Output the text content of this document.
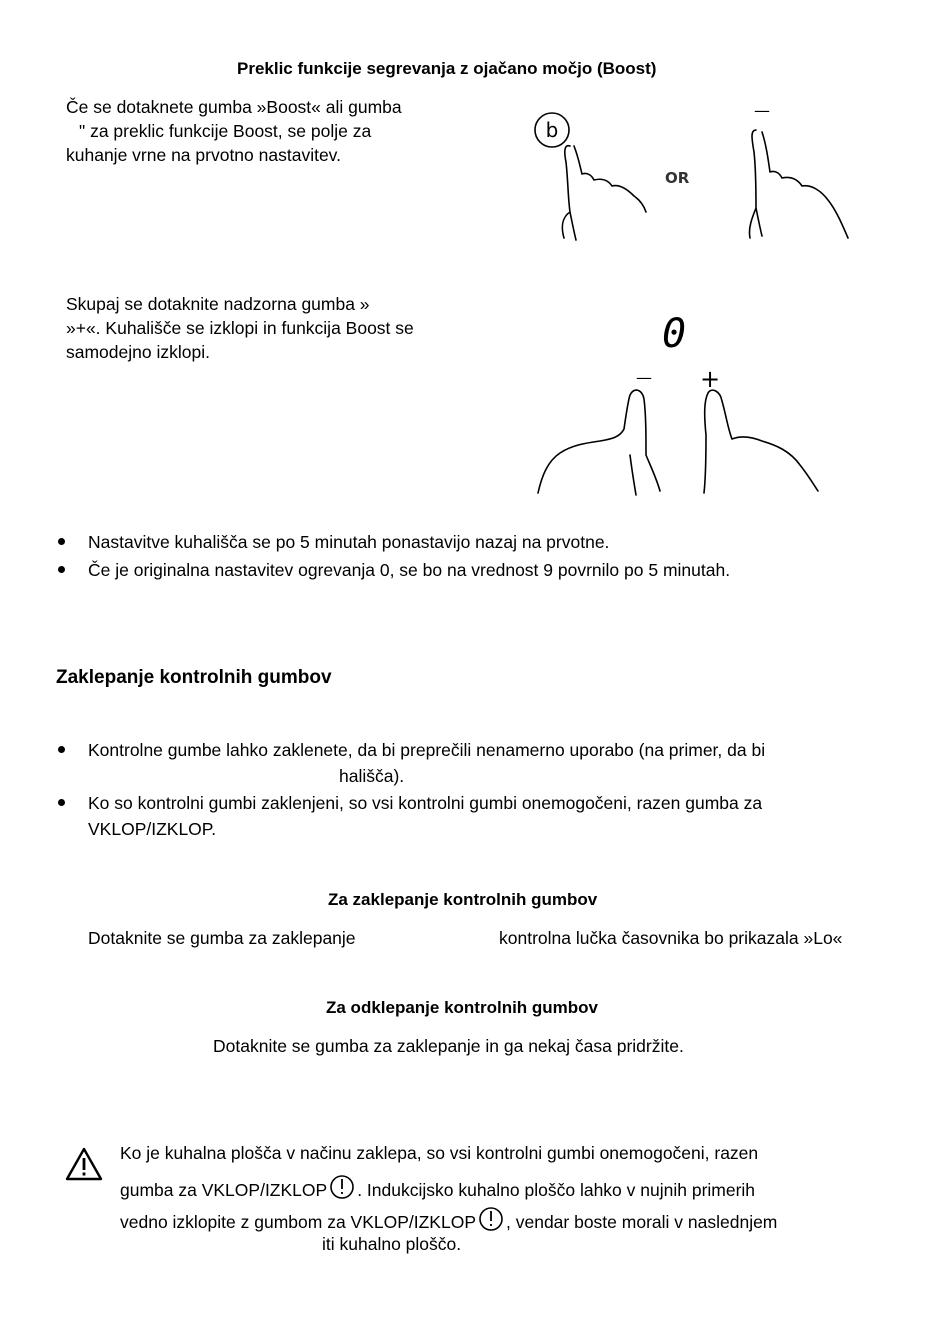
Preklic funkcije segrevanja z ojačano močjo (Boost)
Če se dotaknete gumba »Boost« ali gumba
" za preklic funkcije Boost, se polje za
kuhanje vrne na prvotno nastavitev.
b
OR
—
Skupaj se dotaknite nadzorna gumba »
»+«. Kuhališče se izklopi in funkcija Boost se
samodejno izklopi.	0
— +
Nastavitve kuhališča se po 5 minutah ponastavijo nazaj na prvotne.
Če je originalna nastavitev ogrevanja 0, se bo na vrednost 9 povrnilo po 5 minutah.
Zaklepanje kontrolnih gumbov
Kontrolne gumbe lahko zaklenete, da bi preprečili nenamerno uporabo (na primer, da bi
hališča).
Ko so kontrolni gumbi zaklenjeni, so vsi kontrolni gumbi onemogočeni, razen gumba za
VKLOP/IZKLOP.
Za zaklepanje kontrolnih gumbov
Dotaknite se gumba za zaklepanje	kontrolna lučka časovnika bo prikazala »Lo«
Za odklepanje kontrolnih gumbov
Dotaknite se gumba za zaklepanje in ga nekaj časa pridržite.
Ko je kuhalna plošča v načinu zaklepa, so vsi kontrolni gumbi onemogočeni, razen
gumba za VKLOP/IZKLOP . Indukcijsko kuhalno ploščo lahko v nujnih primerih
vedno izklopite z gumbom za VKLOP/IZKLOP , vendar boste morali v naslednjem
iti kuhalno ploščo.
